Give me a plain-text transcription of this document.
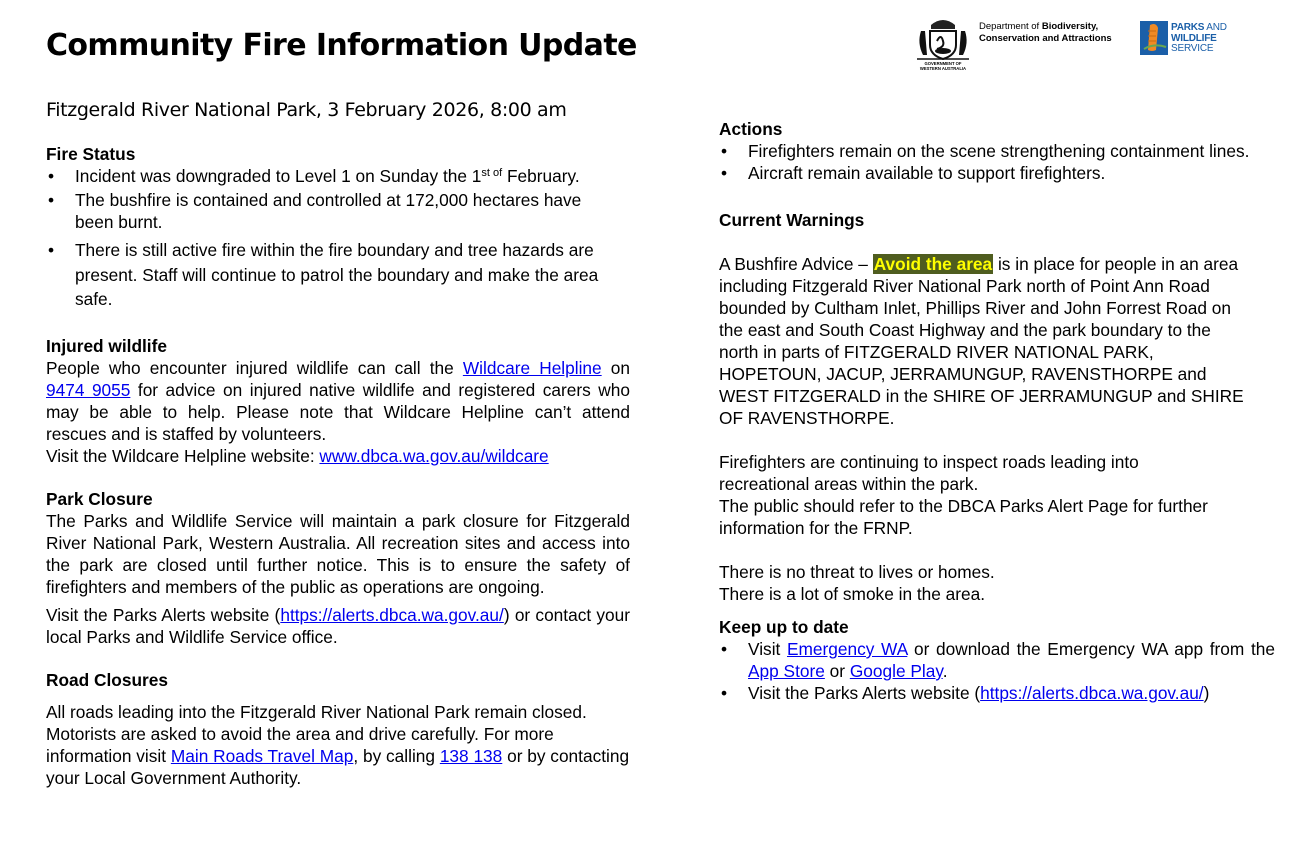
Community Fire Information Update
Fitzgerald River National Park, 3 February 2026, 8:00 am
GOVERNMENT OF
WESTERN AUSTRALIA
Department of Biodiversity,
Conservation and Attractions
PARKS AND
WILDLIFE
SERVICE
Fire Status
• Incident was downgraded to Level 1 on Sunday the $1^{st of}$ February.
• The bushfire is contained and controlled at 172,000 hectares have been burnt.
• There is still active fire within the fire boundary and tree hazards are present. Staff will continue to patrol the boundary and make the area safe.
Injured wildlife

People who encounter injured wildlife can call the Wildcare Helpline on 9474 9055 for advice on injured native wildlife and registered carers who may be able to help. Please note that Wildcare Helpline can’t attend rescues and is staffed by volunteers.

Visit the Wildcare Helpline website: www.dbca.wa.gov.au/wildcare

Park Closure

The Parks and Wildlife Service will maintain a park closure for Fitzgerald River National Park, Western Australia. All recreation sites and access into the park are closed until further notice. This is to ensure the safety of firefighters and members of the public as operations are ongoing.

Visit the Parks Alerts website (https://alerts.dbca.wa.gov.au/) or contact your local Parks and Wildlife Service office.

Road Closures

All roads leading into the Fitzgerald River National Park remain closed. Motorists are asked to avoid the area and drive carefully. For more information visit Main Roads Travel Map, by calling 138 138 or by contacting your Local Government Authority.

Actions
• Firefighters remain on the scene strengthening containment lines.
• Aircraft remain available to support firefighters.
Current Warnings

A Bushfire Advice – Avoid the area is in place for people in an area including Fitzgerald River National Park north of Point Ann Road bounded by Cultham Inlet, Phillips River and John Forrest Road on the east and South Coast Highway and the park boundary to the north in parts of FITZGERALD RIVER NATIONAL PARK, HOPETOUN, JACUP, JERRAMUNGUP, RAVENSTHORPE and WEST FITZGERALD in the SHIRE OF JERRAMUNGUP and SHIRE OF RAVENSTHORPE.

Firefighters are continuing to inspect roads leading into recreational areas within the park.

The public should refer to the DBCA Parks Alert Page for further information for the FRNP.

There is no threat to lives or homes.

There is a lot of smoke in the area.

Keep up to date
• Visit Emergency WA or download the Emergency WA app from the App Store or Google Play.
• Visit the Parks Alerts website (https://alerts.dbca.wa.gov.au/)
